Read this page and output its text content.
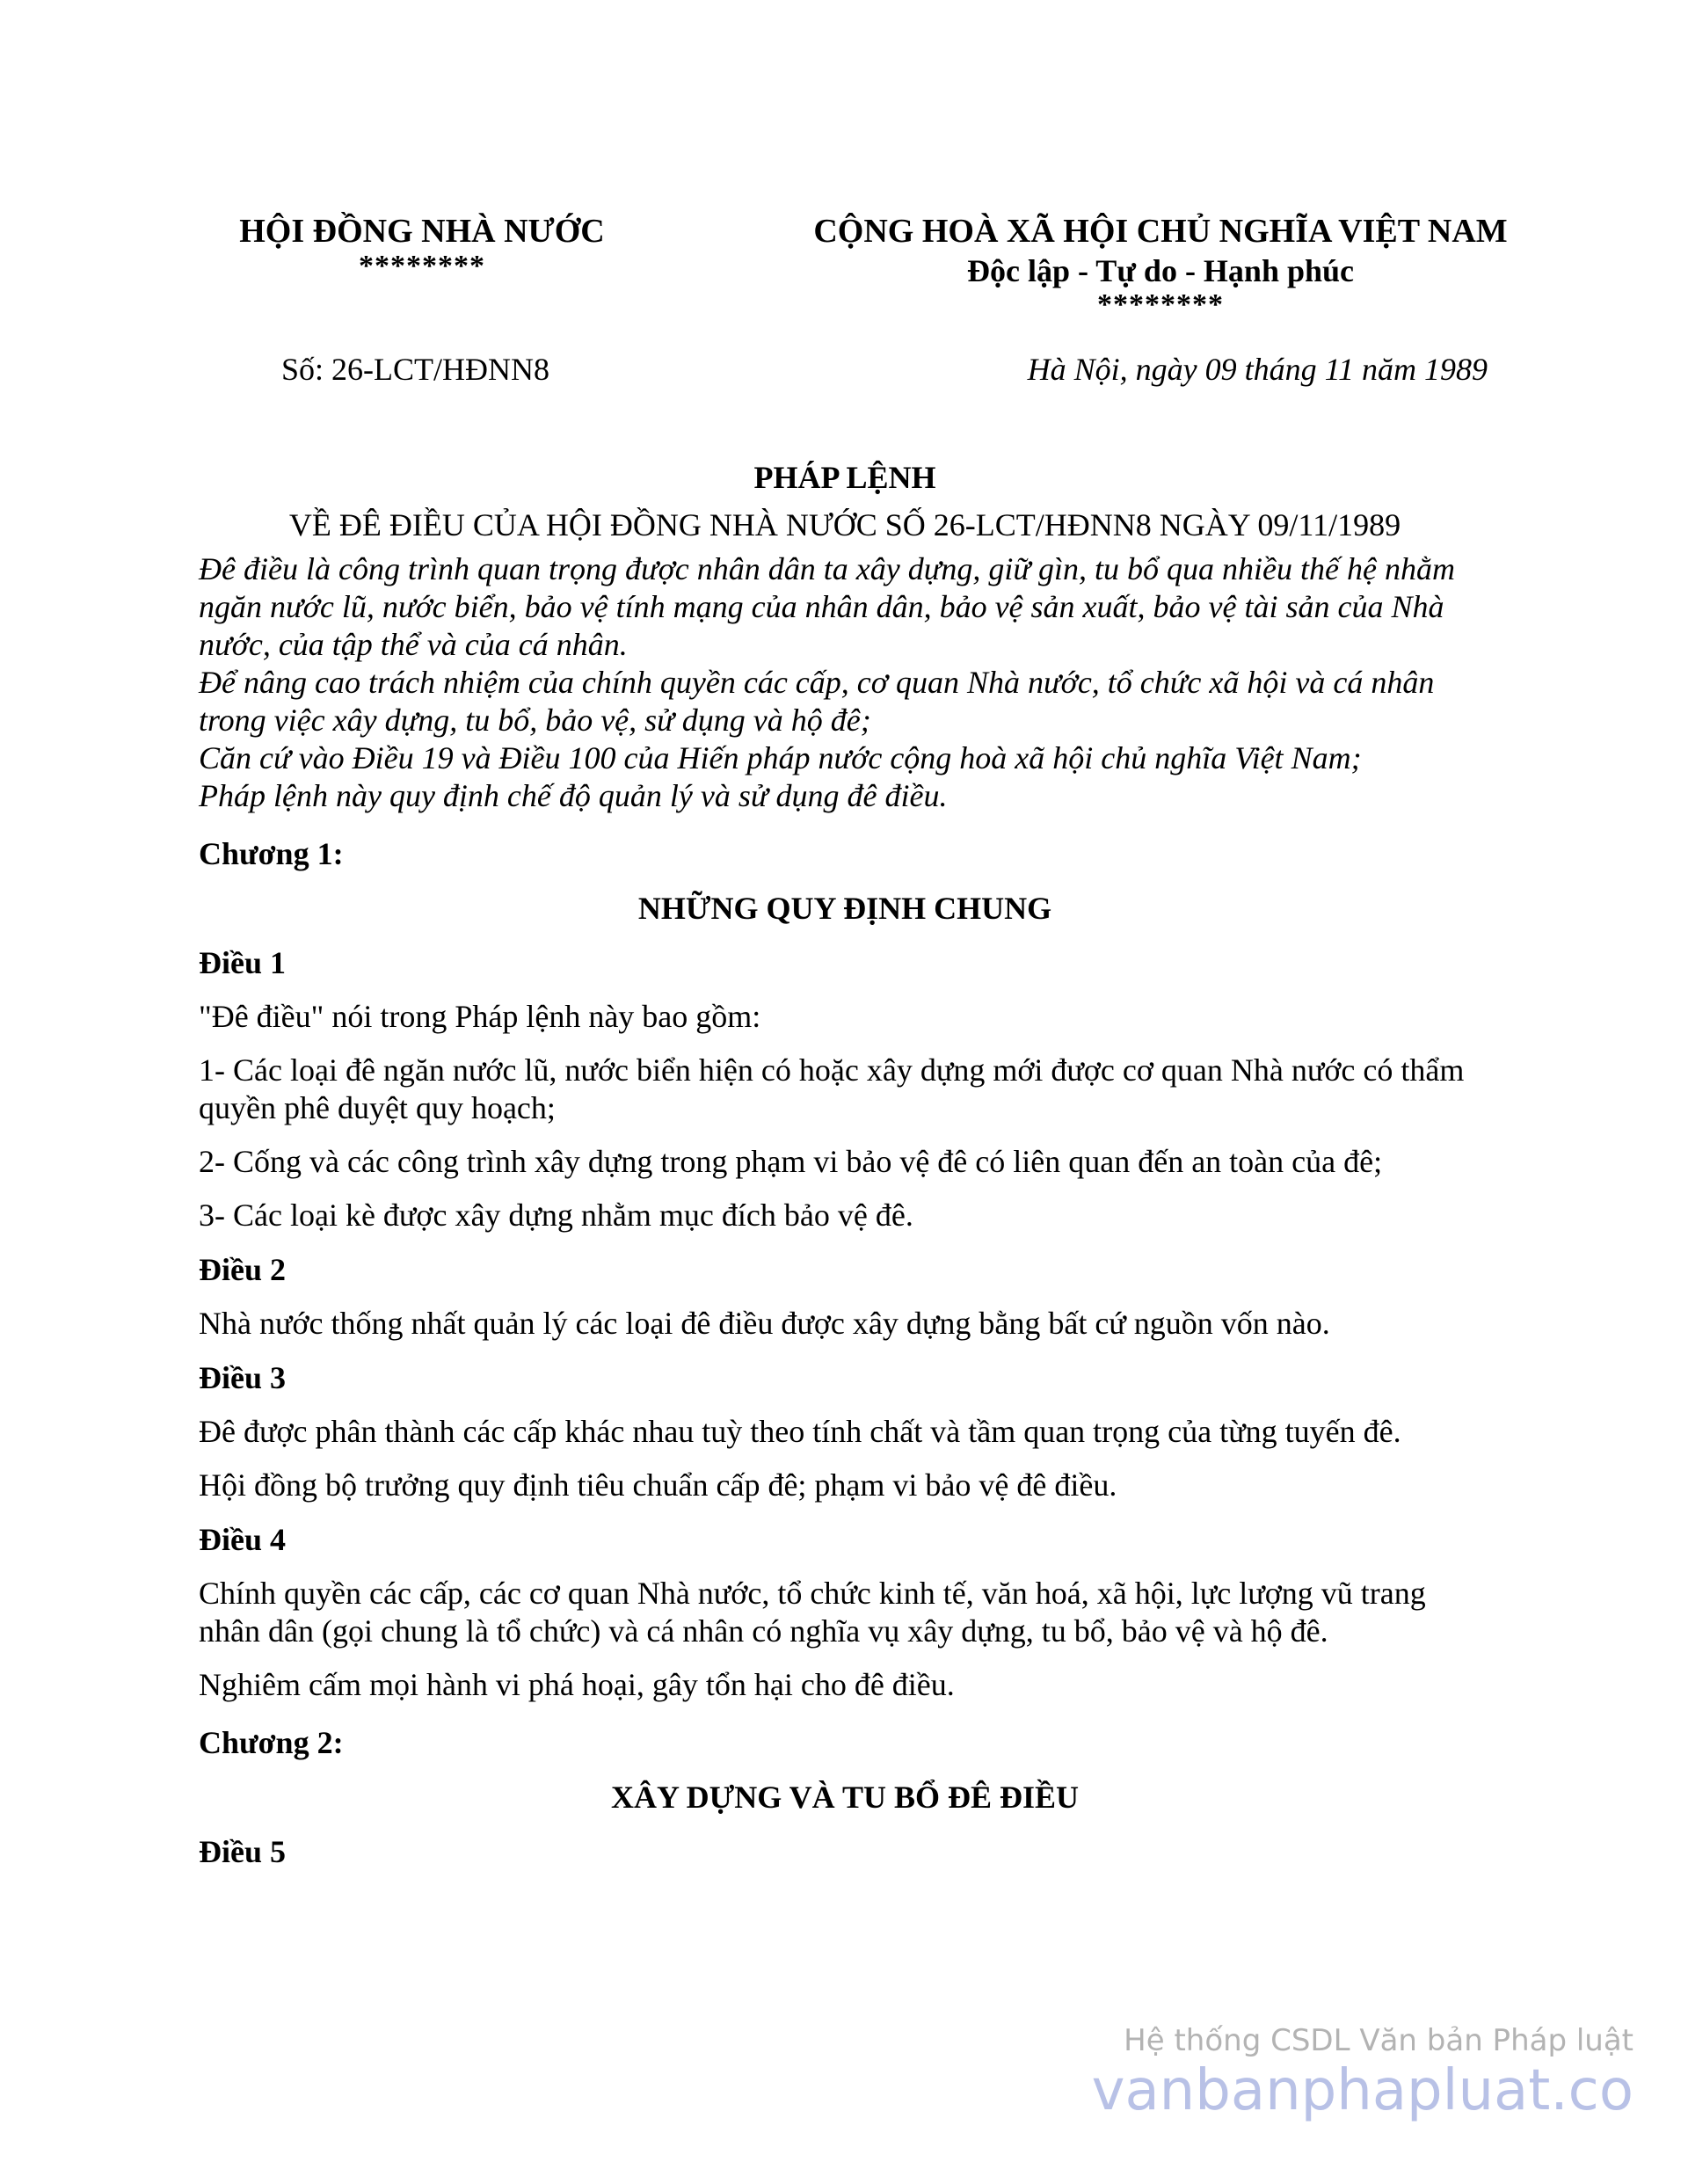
HỘI ĐỒNG NHÀ NƯỚC

********

CỘNG HOÀ XÃ HỘI CHỦ NGHĨA VIỆT NAM

Độc lập - Tự do - Hạnh phúc

********

Số: 26-LCT/HĐNN8	Hà Nội, ngày 09 tháng 11 năm 1989

PHÁP LỆNH

VỀ ĐÊ ĐIỀU CỦA HỘI ĐỒNG NHÀ NƯỚC SỐ 26-LCT/HĐNN8 NGÀY 09/11/1989

Đê điều là công trình quan trọng được nhân dân ta xây dựng, giữ gìn, tu bổ qua nhiều thế hệ nhằm ngăn nước lũ, nước biển, bảo vệ tính mạng của nhân dân, bảo vệ sản xuất, bảo vệ tài sản của Nhà nước, của tập thể và của cá nhân.

Để nâng cao trách nhiệm của chính quyền các cấp, cơ quan Nhà nước, tổ chức xã hội và cá nhân trong việc xây dựng, tu bổ, bảo vệ, sử dụng và hộ đê;

Căn cứ vào Điều 19 và Điều 100 của Hiến pháp nước cộng hoà xã hội chủ nghĩa Việt Nam;

Pháp lệnh này quy định chế độ quản lý và sử dụng đê điều.

Chương 1:

NHỮNG QUY ĐỊNH CHUNG

Điều 1

"Đê điều" nói trong Pháp lệnh này bao gồm:

1- Các loại đê ngăn nước lũ, nước biển hiện có hoặc xây dựng mới được cơ quan Nhà nước có thẩm quyền phê duyệt quy hoạch;

2- Cống và các công trình xây dựng trong phạm vi bảo vệ đê có liên quan đến an toàn của đê;

3- Các loại kè được xây dựng nhằm mục đích bảo vệ đê.

Điều 2

Nhà nước thống nhất quản lý các loại đê điều được xây dựng bằng bất cứ nguồn vốn nào.

Điều 3

Đê được phân thành các cấp khác nhau tuỳ theo tính chất và tầm quan trọng của từng tuyến đê.

Hội đồng bộ trưởng quy định tiêu chuẩn cấp đê; phạm vi bảo vệ đê điều.

Điều 4

Chính quyền các cấp, các cơ quan Nhà nước, tổ chức kinh tế, văn hoá, xã hội, lực lượng vũ trang nhân dân (gọi chung là tổ chức) và cá nhân có nghĩa vụ xây dựng, tu bổ, bảo vệ và hộ đê.

Nghiêm cấm mọi hành vi phá hoại, gây tổn hại cho đê điều.

Chương 2:

XÂY DỰNG VÀ TU BỔ ĐÊ ĐIỀU

Điều 5

Hệ thống CSDL Văn bản Pháp luật
vanbanphapluat.co
